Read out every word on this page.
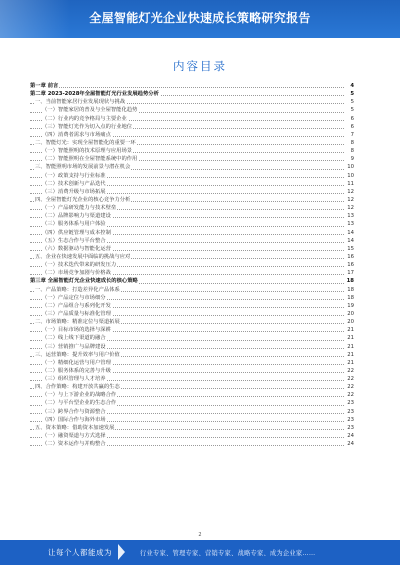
全屋智能灯光企业快速成长策略研究报告
内容目录
第一章 前言	4
第二章 2023-2028年全屋智能灯光行业发展趋势分析	5
一、当前智能家居行业发展现状与挑战	5
（一）智能家居的普及与全屋智能化趋势	5
（二）行业内的竞争格局与主要企业	6
（三）智能灯光作为切入点的行业地位	6
（四）消费者需求与市场痛点	7
二、智能灯光：实现全屋智能化的重要一环	8
（一）智能照明的技术原理与应用场景	8
（二）智能照明在全屋智能系统中的作用	9
三、智能照明市场的发展前景与潜在机会	10
（一）政策支持与行业标准	10
（二）技术创新与产品迭代	11
（三）消费升级与市场拓展	12
四、全屋智能灯光企业的核心竞争力分析	12
（一）产品研发能力与技术壁垒	12
（二）品牌影响力与渠道建设	13
（三）服务体系与用户体验	13
（四）供应链管理与成本控制	14
（五）生态合作与平台整合	14
（六）数据驱动与智能化运营	15
五、企业在快速发展中面临的挑战与应对	16
（一）技术迭代带来的研发压力	16
（二）市场竞争加剧与价格战	17
第三章 全屋智能灯光企业快速成长的核心策略	18
一、产品策略：打造差异化产品体系	18
（一）产品定位与市场细分	18
（二）产品组合与系列化开发	19
（三）产品质量与标准化管理	20
二、市场策略：精准定位与渠道拓展	20
（一）目标市场的选择与深耕	21
（二）线上线下渠道的融合	21
（三）营销推广与品牌建设	21
三、运营策略：提升效率与用户价值	21
（一）精细化运营与用户管理	21
（二）服务体系的完善与升级	22
（三）组织管理与人才培养	22
四、合作策略：构建开放共赢的生态	22
（一）与上下游企业的战略合作	22
（二）与平台型企业的生态合作	23
（三）跨界合作与资源整合	23
（四）国际合作与海外市场	23
五、资本策略：借助资本加速发展	23
（一）融资渠道与方式选择	24
（二）资本运作与并购整合	24
2
让每个人都能成为	行业专家、管理专家、营销专家、战略专家、成为企业家……
